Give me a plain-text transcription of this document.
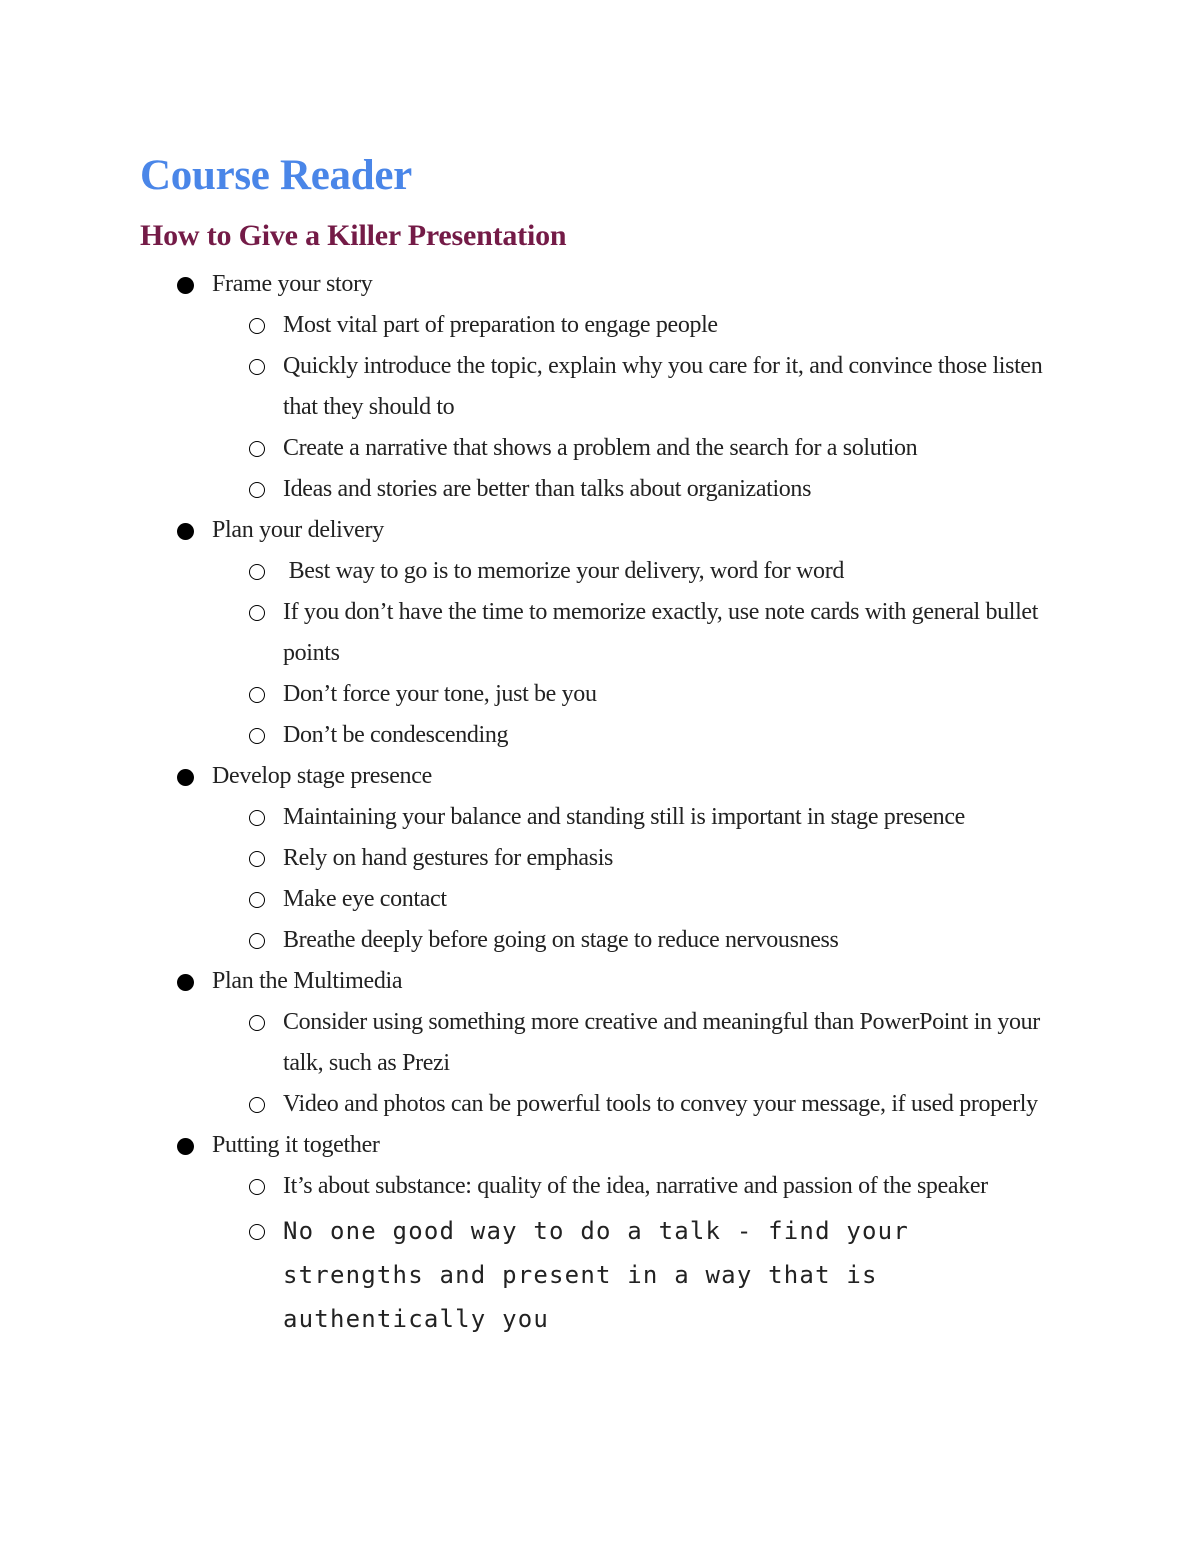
Course Reader
How to Give a Killer Presentation
Frame your story
Most vital part of preparation to engage people
Quickly introduce the topic, explain why you care for it, and convince those listen that they should to
Create a narrative that shows a problem and the search for a solution
Ideas and stories are better than talks about organizations
Plan your delivery
Best way to go is to memorize your delivery, word for word
If you don’t have the time to memorize exactly, use note cards with general bullet points
Don’t force your tone, just be you
Don’t be condescending
Develop stage presence
Maintaining your balance and standing still is important in stage presence
Rely on hand gestures for emphasis
Make eye contact
Breathe deeply before going on stage to reduce nervousness
Plan the Multimedia
Consider using something more creative and meaningful than PowerPoint in your talk, such as Prezi
Video and photos can be powerful tools to convey your message, if used properly
Putting it together
It’s about substance: quality of the idea, narrative and passion of the speaker
No one good way to do a talk - find your strengths and present in a way that is authentically you
